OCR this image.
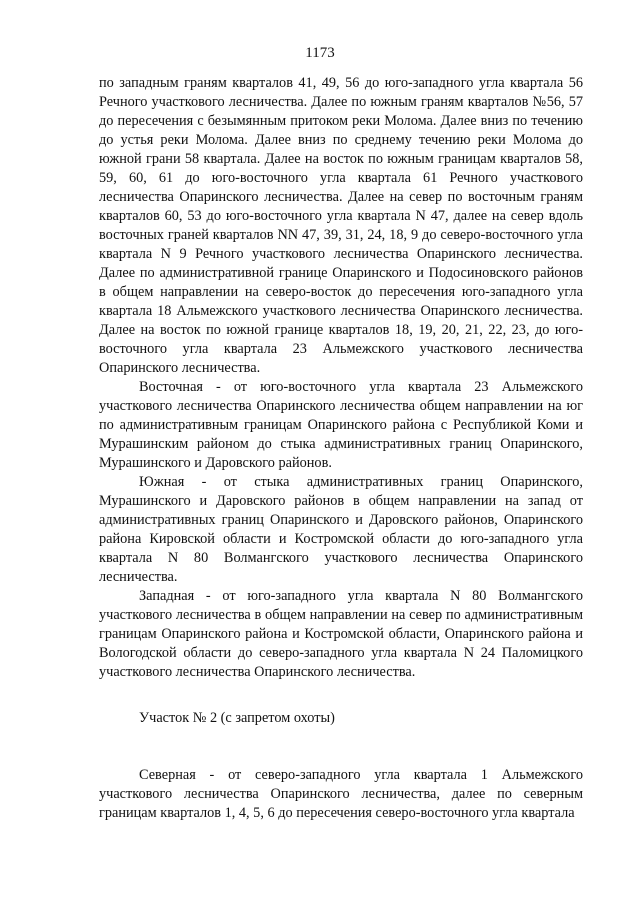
1173

по западным граням кварталов 41, 49, 56 до юго-западного угла квартала 56 Речного участкового лесничества. Далее по южным граням кварталов №56, 57 до пересечения с безымянным притоком реки Молома. Далее вниз по течению до устья реки Молома. Далее вниз по среднему течению реки Молома до южной грани 58 квартала. Далее на восток по южным границам кварталов 58, 59, 60, 61 до юго-восточного угла квартала 61 Речного участкового лесничества Опаринского лесничества. Далее на север по восточным граням кварталов 60, 53 до юго-восточного угла квартала N 47, далее на север вдоль восточных граней кварталов NN 47, 39, 31, 24, 18, 9 до северо-восточного угла квартала N 9 Речного участкового лесничества Опаринского лесничества. Далее по административной границе Опаринского и Подосиновского районов в общем направлении на северо-восток до пересечения юго-западного угла квартала 18 Альмежского участкового лесничества Опаринского лесничества. Далее на восток по южной границе кварталов 18, 19, 20, 21, 22, 23, до юго-восточного угла квартала 23 Альмежского участкового лесничества Опаринского лесничества.

Восточная - от юго-восточного угла квартала 23 Альмежского участкового лесничества Опаринского лесничества общем направлении на юг по административным границам Опаринского района с Республикой Коми и Мурашинским районом до стыка административных границ Опаринского, Мурашинского и Даровского районов.

Южная - от стыка административных границ Опаринского, Мурашинского и Даровского районов в общем направлении на запад от административных границ Опаринского и Даровского районов, Опаринского района Кировской области и Костромской области до юго-западного угла квартала N 80 Волмангского участкового лесничества Опаринского лесничества.

Западная - от юго-западного угла квартала N 80 Волмангского участкового лесничества в общем направлении на север по административным границам Опаринского района и Костромской области, Опаринского района и Вологодской области до северо-западного угла квартала N 24 Паломицкого участкового лесничества Опаринского лесничества.

Участок № 2 (с запретом охоты)

Северная - от северо-западного угла квартала 1 Альмежского участкового лесничества Опаринского лесничества, далее по северным границам кварталов 1, 4, 5, 6 до пересечения северо-восточного угла квартала
